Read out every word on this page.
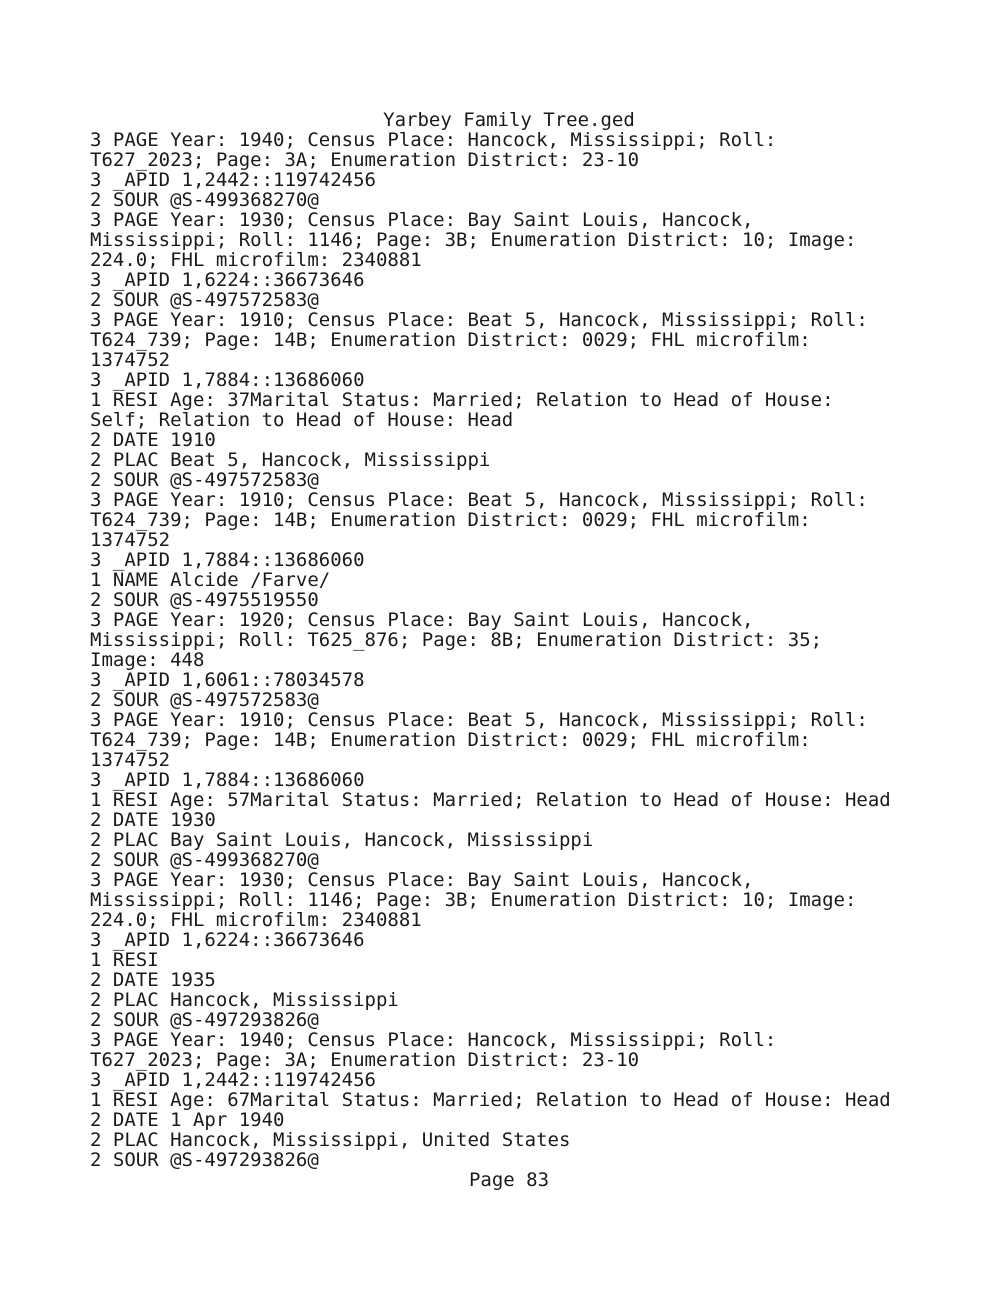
Yarbey Family Tree.ged
3 PAGE Year: 1940; Census Place: Hancock, Mississippi; Roll:
T627_2023; Page: 3A; Enumeration District: 23-10
3 _APID 1,2442::119742456
2 SOUR @S-499368270@
3 PAGE Year: 1930; Census Place: Bay Saint Louis, Hancock,
Mississippi; Roll: 1146; Page: 3B; Enumeration District: 10; Image:
224.0; FHL microfilm: 2340881
3 _APID 1,6224::36673646
2 SOUR @S-497572583@
3 PAGE Year: 1910; Census Place: Beat 5, Hancock, Mississippi; Roll:
T624_739; Page: 14B; Enumeration District: 0029; FHL microfilm:
1374752
3 _APID 1,7884::13686060
1 RESI Age: 37Marital Status: Married; Relation to Head of House:
Self; Relation to Head of House: Head
2 DATE 1910
2 PLAC Beat 5, Hancock, Mississippi
2 SOUR @S-497572583@
3 PAGE Year: 1910; Census Place: Beat 5, Hancock, Mississippi; Roll:
T624_739; Page: 14B; Enumeration District: 0029; FHL microfilm:
1374752
3 _APID 1,7884::13686060
1 NAME Alcide /Farve/
2 SOUR @S-4975519550
3 PAGE Year: 1920; Census Place: Bay Saint Louis, Hancock,
Mississippi; Roll: T625_876; Page: 8B; Enumeration District: 35;
Image: 448
3 _APID 1,6061::78034578
2 SOUR @S-497572583@
3 PAGE Year: 1910; Census Place: Beat 5, Hancock, Mississippi; Roll:
T624_739; Page: 14B; Enumeration District: 0029; FHL microfilm:
1374752
3 _APID 1,7884::13686060
1 RESI Age: 57Marital Status: Married; Relation to Head of House: Head
2 DATE 1930
2 PLAC Bay Saint Louis, Hancock, Mississippi
2 SOUR @S-499368270@
3 PAGE Year: 1930; Census Place: Bay Saint Louis, Hancock,
Mississippi; Roll: 1146; Page: 3B; Enumeration District: 10; Image:
224.0; FHL microfilm: 2340881
3 _APID 1,6224::36673646
1 RESI
2 DATE 1935
2 PLAC Hancock, Mississippi
2 SOUR @S-497293826@
3 PAGE Year: 1940; Census Place: Hancock, Mississippi; Roll:
T627_2023; Page: 3A; Enumeration District: 23-10
3 _APID 1,2442::119742456
1 RESI Age: 67Marital Status: Married; Relation to Head of House: Head
2 DATE 1 Apr 1940
2 PLAC Hancock, Mississippi, United States
2 SOUR @S-497293826@
Page 83
